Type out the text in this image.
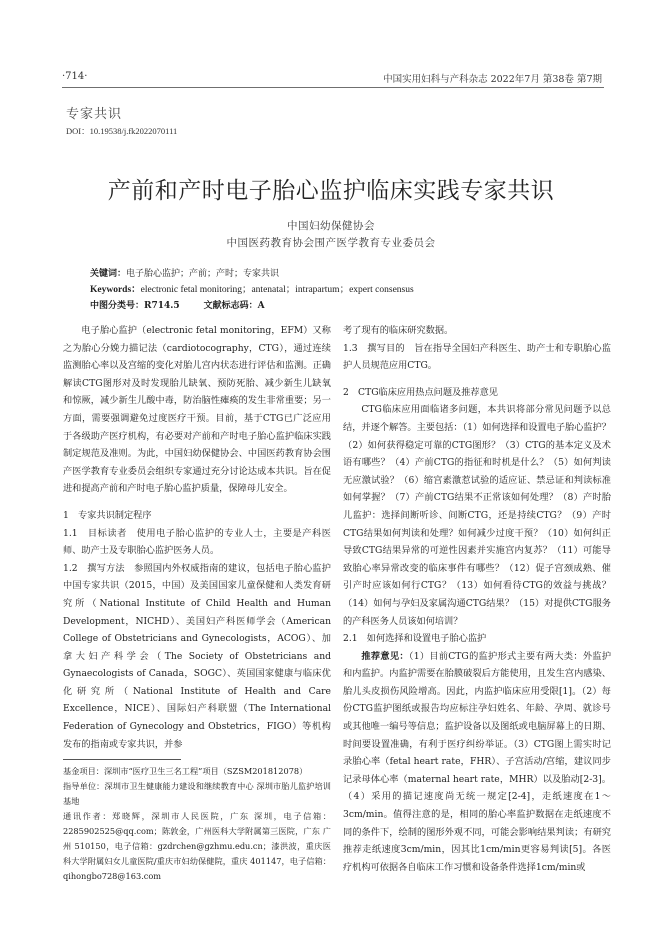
·714·	中国实用妇科与产科杂志 2022年7月 第38卷 第7期
专家共识
DOI：10.19538/j.fk2022070111
产前和产时电子胎心监护临床实践专家共识
中国妇幼保健协会
中国医药教育协会围产医学教育专业委员会
关键词：电子胎心监护；产前；产时；专家共识
Keywords：electronic fetal monitoring；antenatal；intrapartum；expert consensus
中图分类号：R714.5	文献标志码：A

电子胎心监护（electronic fetal monitoring，EFM）又称之为胎心分娩力描记法（cardiotocography，CTG），通过连续监测胎心率以及宫缩的变化对胎儿宫内状态进行评估和监测。正确解读CTG图形对及时发现胎儿缺氧、预防死胎、减少新生儿缺氧和惊厥，减少新生儿酸中毒，防治脑性瘫痪的发生非常重要；另一方面，需要强调避免过度医疗干预。目前，基于CTG已广泛应用于各级助产医疗机构，有必要对产前和产时电子胎心监护临床实践制定规范及准则。为此，中国妇幼保健协会、中国医药教育协会围产医学教育专业委员会组织专家通过充分讨论达成本共识。旨在促进和提高产前和产时电子胎心监护质量，保障母儿安全。

1　专家共识制定程序

1.1　目标读者　使用电子胎心监护的专业人士，主要是产科医师、助产士及专职胎心监护医务人员。

1.2　撰写方法　参照国内外权威指南的建议，包括电子胎心监护中国专家共识（2015，中国）及美国国家儿童保健和人类发育研究所（National Institute of Child Health and Human Development，NICHD）、美国妇产科医师学会（American College of Obstetricians and Gynecologists，ACOG）、加拿大妇产科学会（The Society of Obstetricians and Gynaecologists of Canada，SOGC）、英国国家健康与临床优化研究所（National Institute of Health and Care Excellence，NICE）、国际妇产科联盟（The International Federation of Gynecology and Obstetrics，FIGO）等机构发布的指南或专家共识，并参

基金项目：深圳市“医疗卫生三名工程”项目（SZSM201812078）

指导单位：深圳市卫生健康能力建设和继续教育中心 深圳市胎儿监护培训基地

通讯作者：郑晓辉，深圳市人民医院，广东 深圳，电子信箱：2285902525@qq.com；陈敦金，广州医科大学附属第三医院，广东 广州 510150，电子信箱：gzdrchen@gzhmu.edu.cn；漆洪波，重庆医科大学附属妇女儿童医院/重庆市妇幼保健院，重庆 401147，电子信箱：qihongbo728@163.com

考了现有的临床研究数据。

1.3　撰写目的　旨在指导全国妇产科医生、助产士和专职胎心监护人员规范应用CTG。

2　CTG临床应用热点问题及推荐意见

CTG临床应用面临诸多问题，本共识将部分常见问题予以总结，并逐个解答。主要包括：（1）如何选择和设置电子胎心监护？（2）如何获得稳定可靠的CTG图形？（3）CTG的基本定义及术语有哪些？（4）产前CTG的指征和时机是什么？（5）如何判读无应激试验？（6）缩宫素激惹试验的适应证、禁忌证和判读标准如何掌握？（7）产前CTG结果不正常该如何处理？（8）产时胎儿监护：选择间断听诊、间断CTG，还是持续CTG？（9）产时CTG结果如何判读和处理？如何减少过度干预？（10）如何纠正导致CTG结果异常的可逆性因素并实施宫内复苏？（11）可能导致胎心率异常改变的临床事件有哪些？（12）促子宫颈成熟、催引产时应该如何行CTG？（13）如何看待CTG的效益与挑战？（14）如何与孕妇及家属沟通CTG结果？（15）对提供CTG服务的产科医务人员该如何培训？

2.1　如何选择和设置电子胎心监护

推荐意见：（1）目前CTG的监护形式主要有两大类：外监护和内监护。内监护需要在胎膜破裂后方能使用，且发生宫内感染、胎儿头皮损伤风险增高。因此，内监护临床应用受限[1]。（2）每份CTG监护图纸或报告均应标注孕妇姓名、年龄、孕周、就诊号或其他唯一编号等信息；监护设备以及图纸或电脑屏幕上的日期、时间要设置准确，有利于医疗纠纷举证。（3）CTG图上需实时记录胎心率（fetal heart rate，FHR）、子宫活动/宫缩，建议同步记录母体心率（maternal heart rate，MHR）以及胎动[2-3]。（4）采用的描记速度尚无统一规定[2-4]，走纸速度在1～3cm/min。值得注意的是，相同的胎心率监护数据在走纸速度不同的条件下，绘制的图形外观不同，可能会影响结果判读；有研究推荐走纸速度3cm/min，因其比1cm/min更容易判读[5]。各医疗机构可依据各自临床工作习惯和设备条件选择1cm/min或
